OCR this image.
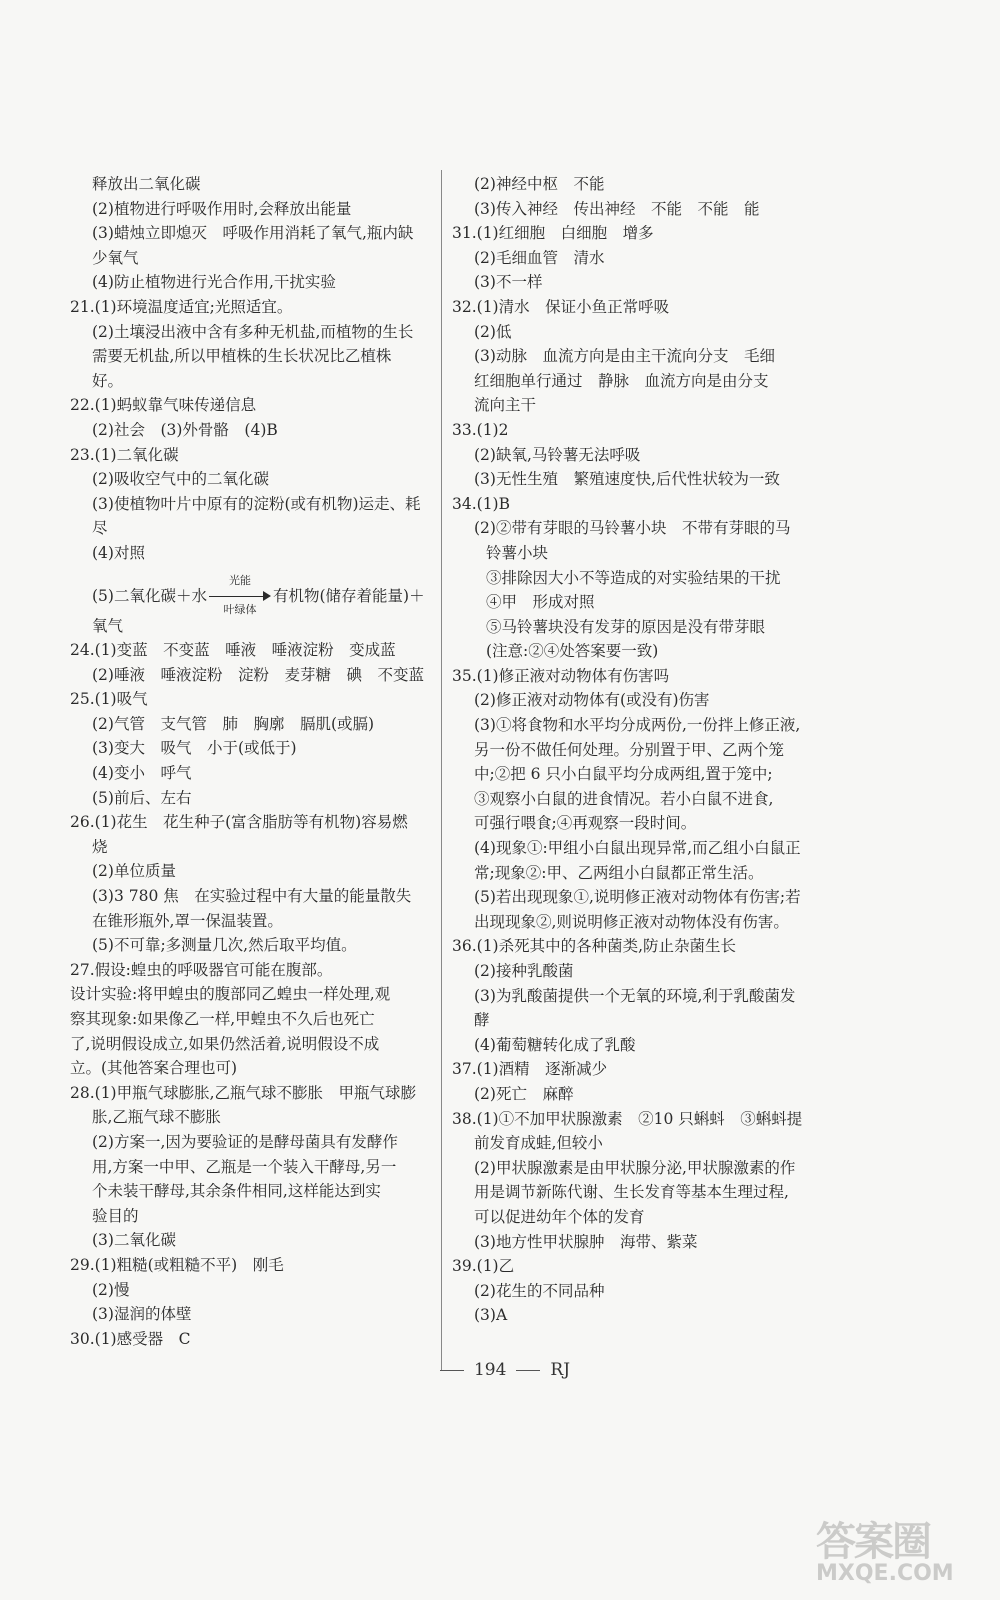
释放出二氧化碳
(2)植物进行呼吸作用时,会释放出能量
(3)蜡烛立即熄灭　呼吸作用消耗了氧气,瓶内缺
少氧气
(4)防止植物进行光合作用,干扰实验
21.(1)环境温度适宜;光照适宜。
(2)土壤浸出液中含有多种无机盐,而植物的生长
需要无机盐,所以甲植株的生长状况比乙植株
好。
22.(1)蚂蚁靠气味传递信息
(2)社会　(3)外骨骼　(4)B
23.(1)二氧化碳
(2)吸收空气中的二氧化碳
(3)使植物叶片中原有的淀粉(或有机物)运走、耗
尽
(4)对照
(5)二氧化碳＋水
光能
叶绿体
有机物(储存着能量)＋
氧气
24.(1)变蓝　不变蓝　唾液　唾液淀粉　变成蓝
(2)唾液　唾液淀粉　淀粉　麦芽糖　碘　不变蓝
25.(1)吸气
(2)气管　支气管　肺　胸廓　膈肌(或膈)
(3)变大　吸气　小于(或低于)
(4)变小　呼气
(5)前后、左右
26.(1)花生　花生种子(富含脂肪等有机物)容易燃
烧
(2)单位质量
(3)3 780 焦　在实验过程中有大量的能量散失
在锥形瓶外,罩一保温装置。
(5)不可靠;多测量几次,然后取平均值。
27.假设:蝗虫的呼吸器官可能在腹部。
设计实验:将甲蝗虫的腹部同乙蝗虫一样处理,观
察其现象:如果像乙一样,甲蝗虫不久后也死亡
了,说明假设成立,如果仍然活着,说明假设不成
立。(其他答案合理也可)
28.(1)甲瓶气球膨胀,乙瓶气球不膨胀　甲瓶气球膨
胀,乙瓶气球不膨胀
(2)方案一,因为要验证的是酵母菌具有发酵作
用,方案一中甲、乙瓶是一个装入干酵母,另一
个未装干酵母,其余条件相同,这样能达到实
验目的
(3)二氧化碳
29.(1)粗糙(或粗糙不平)　刚毛
(2)慢
(3)湿润的体壁
30.(1)感受器　C
(2)神经中枢　不能
(3)传入神经　传出神经　不能　不能　能
31.(1)红细胞　白细胞　增多
(2)毛细血管　清水
(3)不一样
32.(1)清水　保证小鱼正常呼吸
(2)低
(3)动脉　血流方向是由主干流向分支　毛细
红细胞单行通过　静脉　血流方向是由分支
流向主干
33.(1)2
(2)缺氧,马铃薯无法呼吸
(3)无性生殖　繁殖速度快,后代性状较为一致
34.(1)B
(2)②带有芽眼的马铃薯小块　不带有芽眼的马
铃薯小块
③排除因大小不等造成的对实验结果的干扰
④甲　形成对照
⑤马铃薯块没有发芽的原因是没有带芽眼
(注意:②④处答案要一致)
35.(1)修正液对动物体有伤害吗
(2)修正液对动物体有(或没有)伤害
(3)①将食物和水平均分成两份,一份拌上修正液,
另一份不做任何处理。分别置于甲、乙两个笼
中;②把 6 只小白鼠平均分成两组,置于笼中;
③观察小白鼠的进食情况。若小白鼠不进食,
可强行喂食;④再观察一段时间。
(4)现象①:甲组小白鼠出现异常,而乙组小白鼠正
常;现象②:甲、乙两组小白鼠都正常生活。
(5)若出现现象①,说明修正液对动物体有伤害;若
出现现象②,则说明修正液对动物体没有伤害。
36.(1)杀死其中的各种菌类,防止杂菌生长
(2)接种乳酸菌
(3)为乳酸菌提供一个无氧的环境,利于乳酸菌发
酵
(4)葡萄糖转化成了乳酸
37.(1)酒精　逐渐减少
(2)死亡　麻醉
38.(1)①不加甲状腺激素　②10 只蝌蚪　③蝌蚪提
前发育成蛙,但较小
(2)甲状腺激素是由甲状腺分泌,甲状腺激素的作
用是调节新陈代谢、生长发育等基本生理过程,
可以促进幼年个体的发育
(3)地方性甲状腺肿　海带、紫菜
39.(1)乙
(2)花生的不同品种
(3)A
194	RJ
答案圈
MXQE.COM
